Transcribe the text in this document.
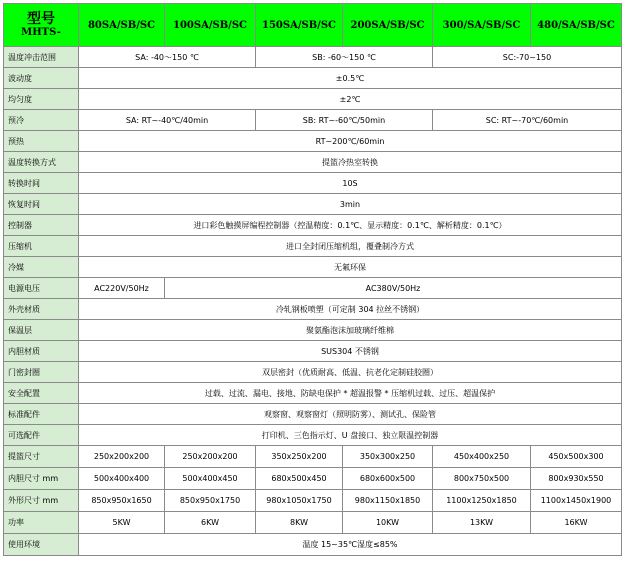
型号
MHTS-	80SA/SB/SC	100SA/SB/SC	150SA/SB/SC	200SA/SB/SC	300/SA/SB/SC	480/SA/SB/SC
温度冲击范围	SA: -40～150 ℃		SB: -60～150 ℃		SC:-70~150	
波动度	±0.5℃					
均匀度	±2℃					
预冷	SA: RT~-40℃/40min		SB: RT~-60℃/50min		SC: RT~-70℃/60min	
预热	RT~200℃/60min					
温度转换方式	提篮冷热室转换					
转换时间	10S					
恢复时间	3min					
控制器	进口彩色触摸屏编程控制器（控温精度：0.1℃、显示精度：0.1℃、解析精度：0.1℃）					
压缩机	进口全封闭压缩机组，覆叠制冷方式					
冷媒	无氟环保					
电源电压	AC220V/50Hz	AC380V/50Hz				
外壳材质	冷轧钢板喷塑（可定制 304 拉丝不锈钢）					
保温层	聚氨酯泡沫加玻璃纤维棉					
内胆材质	SUS304 不锈钢					
门密封圈	双层密封（优质耐高、低温、抗老化定制硅胶圈）					
安全配置	过载、过流、漏电、接地、防缺电保护 * 超温报警 * 压缩机过载、过压、超温保护					
标准配件	观察窗、观察窗灯（照明防雾）、测试孔、保险管					
可选配件	打印机、三色指示灯、U 盘接口、独立限温控制器					
提篮尺寸	250x200x200	250x200x200	350x250x200	350x300x250	450x400x250	450x500x300
内胆尺寸 mm	500x400x400	500x400x450	680x500x450	680x600x500	800x750x500	800x930x550
外形尺寸 mm	850x950x1650	850x950x1750	980x1050x1750	980x1150x1850	1100x1250x1850	1100x1450x1900
功率	5KW	6KW	8KW	10KW	13KW	16KW
使用环境	温度 15~35℃湿度≤85%					
